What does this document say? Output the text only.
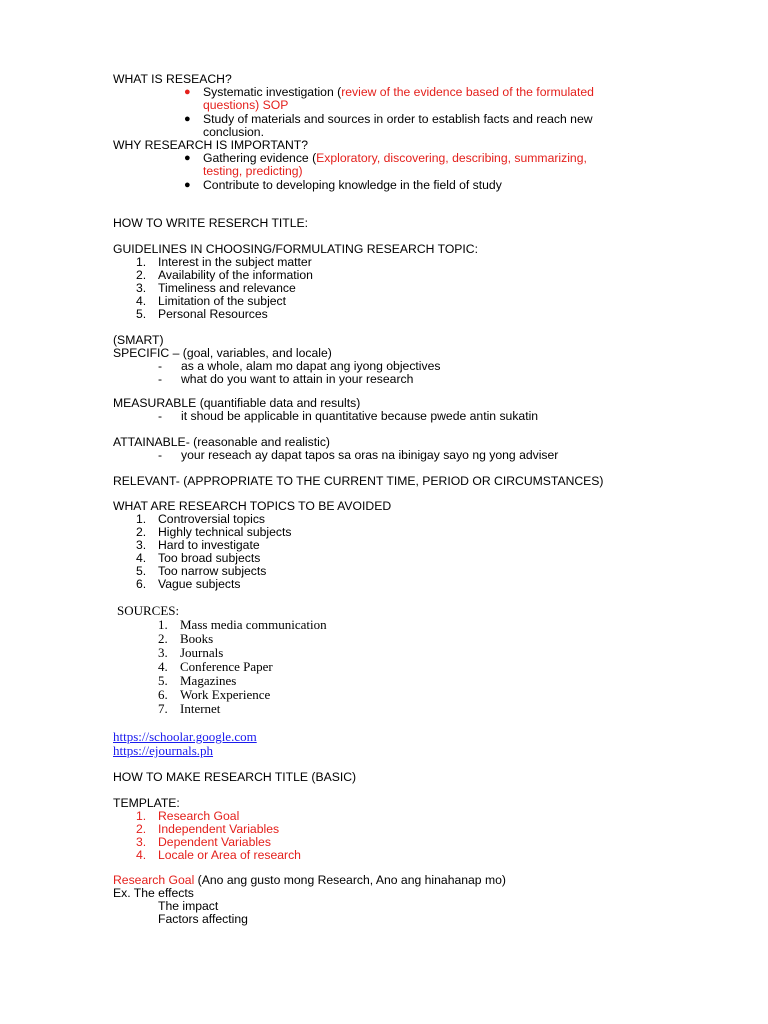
WHAT IS RESEACH?
● Systematic investigation (review of the evidence based of the formulated
questions) SOP
● Study of materials and sources in order to establish facts and reach new
conclusion.
WHY RESEARCH IS IMPORTANT?
● Gathering evidence (Exploratory, discovering, describing, summarizing,
testing, predicting)
● Contribute to developing knowledge in the field of study
HOW TO WRITE RESERCH TITLE:
GUIDELINES IN CHOOSING/FORMULATING RESEARCH TOPIC:
1. Interest in the subject matter
2. Availability of the information
3. Timeliness and relevance
4. Limitation of the subject
5. Personal Resources
(SMART)
SPECIFIC – (goal, variables, and locale)
- as a whole, alam mo dapat ang iyong objectives
- what do you want to attain in your research
MEASURABLE (quantifiable data and results)
- it shoud be applicable in quantitative because pwede antin sukatin
ATTAINABLE- (reasonable and realistic)
- your reseach ay dapat tapos sa oras na ibinigay sayo ng yong adviser
RELEVANT- (APPROPRIATE TO THE CURRENT TIME, PERIOD OR CIRCUMSTANCES)
WHAT ARE RESEARCH TOPICS TO BE AVOIDED
1. Controversial topics
2. Highly technical subjects
3. Hard to investigate
4. Too broad subjects
5. Too narrow subjects
6. Vague subjects
SOURCES:
1. Mass media communication
2. Books
3. Journals
4. Conference Paper
5. Magazines
6. Work Experience
7. Internet
https://schoolar.google.com
https://ejournals.ph
HOW TO MAKE RESEARCH TITLE (BASIC)
TEMPLATE:
1. Research Goal
2. Independent Variables
3. Dependent Variables
4. Locale or Area of research
Research Goal (Ano ang gusto mong Research, Ano ang hinahanap mo)
Ex. The effects
The impact
Factors affecting
